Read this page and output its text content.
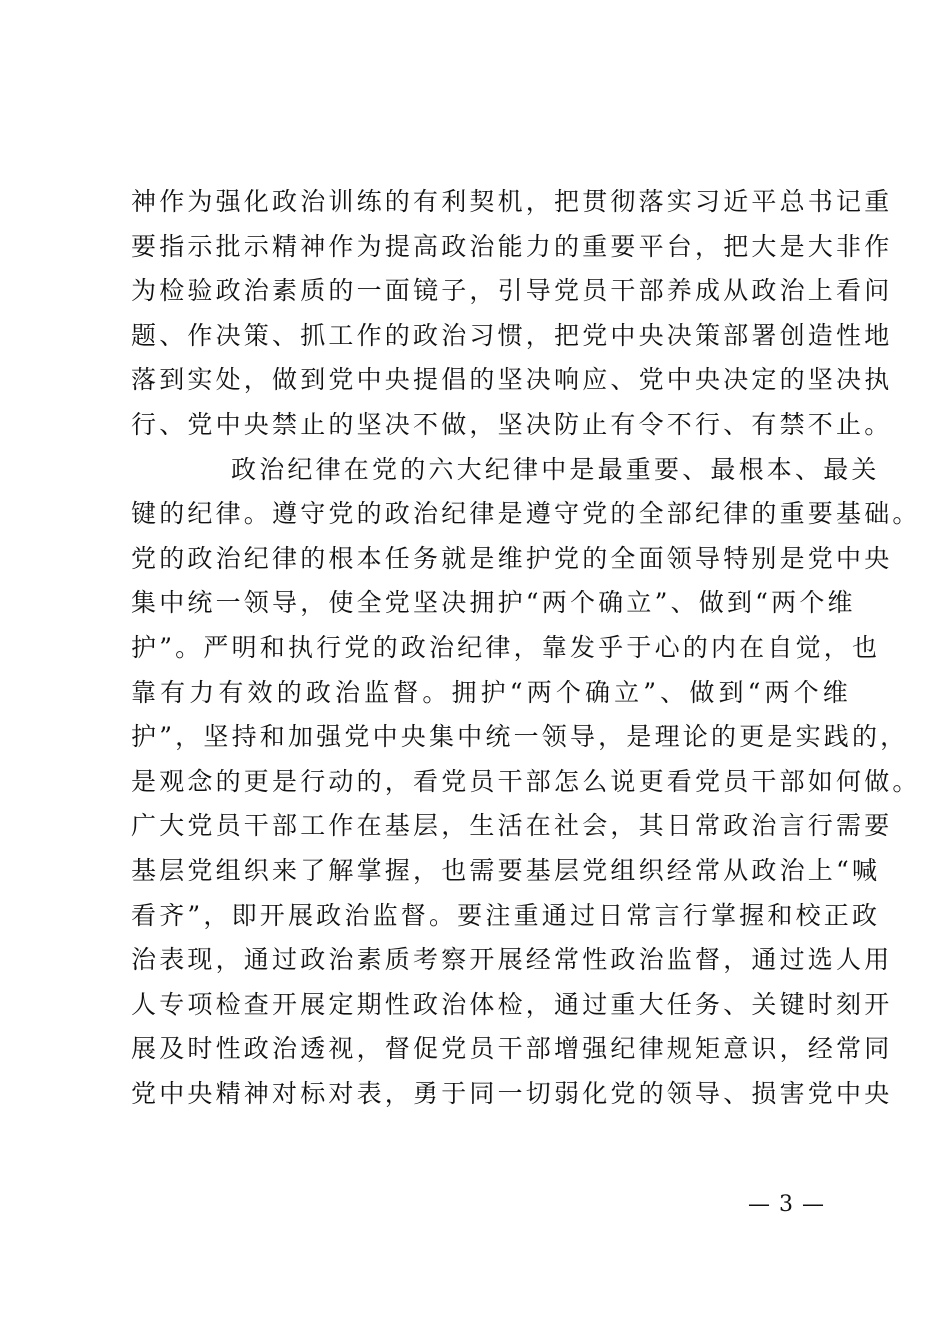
神作为强化政治训练的有利契机，把贯彻落实习近平总书记重
要指示批示精神作为提高政治能力的重要平台，把大是大非作
为检验政治素质的一面镜子，引导党员干部养成从政治上看问
题、作决策、抓工作的政治习惯，把党中央决策部署创造性地
落到实处，做到党中央提倡的坚决响应、党中央决定的坚决执
行、党中央禁止的坚决不做，坚决防止有令不行、有禁不止。
政治纪律在党的六大纪律中是最重要、最根本、最关
键的纪律。遵守党的政治纪律是遵守党的全部纪律的重要基础。
党的政治纪律的根本任务就是维护党的全面领导特别是党中央
集中统一领导，使全党坚决拥护“两个确立”、做到“两个维
护”。严明和执行党的政治纪律，靠发乎于心的内在自觉，也
靠有力有效的政治监督。拥护“两个确立”、做到“两个维
护”，坚持和加强党中央集中统一领导，是理论的更是实践的，
是观念的更是行动的，看党员干部怎么说更看党员干部如何做。
广大党员干部工作在基层，生活在社会，其日常政治言行需要
基层党组织来了解掌握，也需要基层党组织经常从政治上“喊
看齐”，即开展政治监督。要注重通过日常言行掌握和校正政
治表现，通过政治素质考察开展经常性政治监督，通过选人用
人专项检查开展定期性政治体检，通过重大任务、关键时刻开
展及时性政治透视，督促党员干部增强纪律规矩意识，经常同
党中央精神对标对表，勇于同一切弱化党的领导、损害党中央
— 3 —
